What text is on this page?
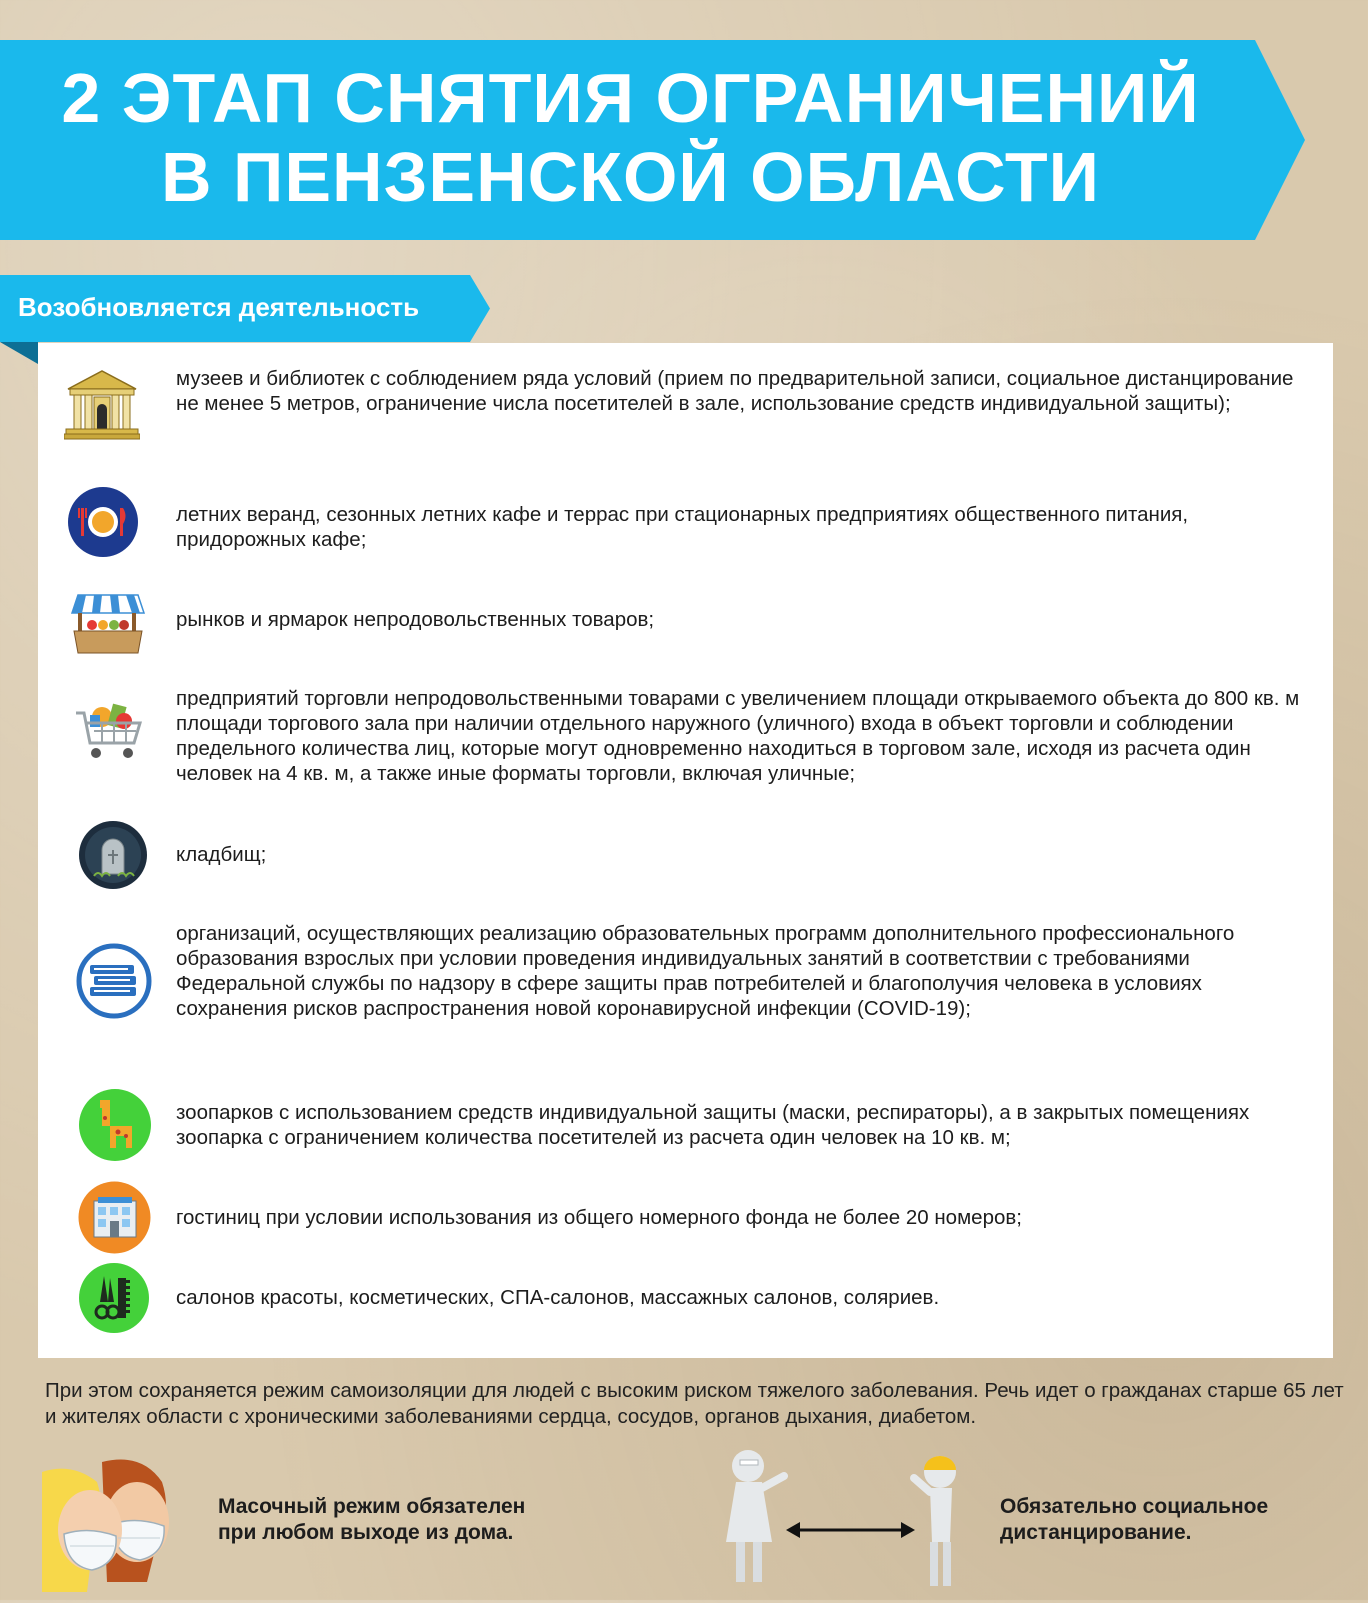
2 ЭТАП СНЯТИЯ ОГРАНИЧЕНИЙ
В ПЕНЗЕНСКОЙ ОБЛАСТИ
Возобновляется деятельность
музеев и библиотек с соблюдением ряда условий (прием по предварительной записи, социальное дистанцирование не менее 5 метров, ограничение числа посетителей в зале, использование средств индивидуальной защиты);
летних веранд, сезонных летних кафе и террас при стационарных предприятиях общественного питания, придорожных кафе;
рынков и ярмарок непродовольственных товаров;
предприятий торговли непродовольственными товарами с увеличением площади открываемого объекта до 800 кв. м площади торгового зала при наличии отдельного наружного (уличного) входа в объект торговли и соблюдении предельного количества лиц, которые могут одновременно находиться в торговом зале, исходя из расчета один человек на 4 кв. м, а также иные форматы торговли, включая уличные;
кладбищ;
организаций, осуществляющих реализацию образовательных программ дополнительного профессионального образования взрослых при условии проведения индивидуальных занятий в соответствии с требованиями Федеральной службы по надзору в сфере защиты прав потребителей и благополучия человека в условиях сохранения рисков распространения новой коронавирусной инфекции (COVID-19);
зоопарков с использованием средств индивидуальной защиты (маски, респираторы), а в закрытых помещениях зоопарка с ограничением количества посетителей из расчета один человек на 10 кв. м;
гостиниц при условии использования из общего номерного фонда не более 20 номеров;
салонов красоты, косметических, СПА-салонов, массажных салонов, соляриев.
При этом сохраняется режим самоизоляции для людей с высоким риском тяжелого заболевания. Речь идет о гражданах старше 65 лет и жителях области с хроническими заболеваниями сердца, сосудов, органов дыхания, диабетом.
Масочный режим обязателен
при любом выходе из дома.
Обязательно социальное
дистанцирование.
